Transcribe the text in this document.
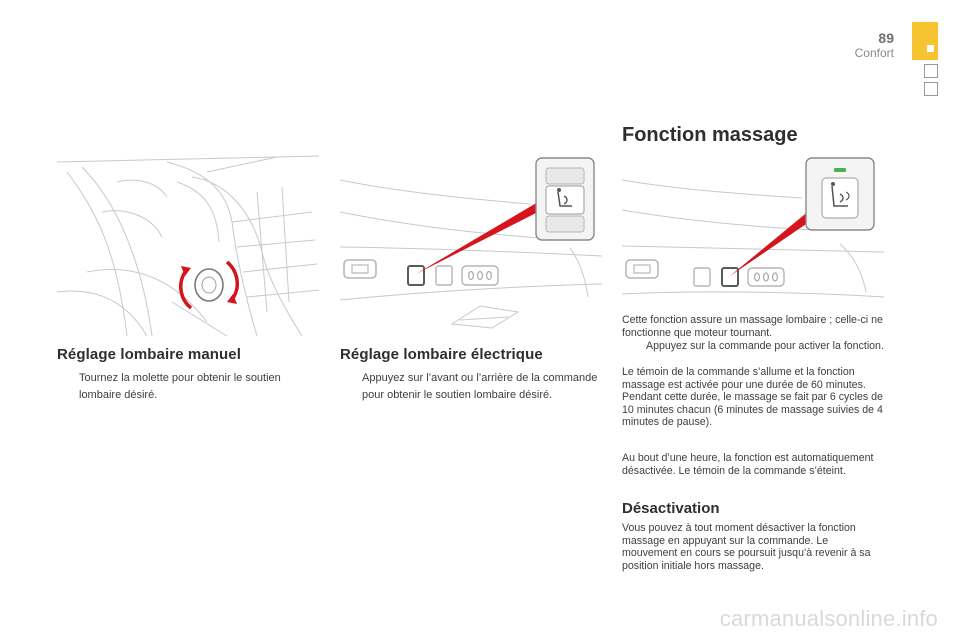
89
Confort
Réglage lombaire manuel
Tournez la molette pour obtenir le soutien lombaire désiré.
Réglage lombaire électrique
Appuyez sur l’avant ou l’arrière de la commande pour obtenir le soutien lombaire désiré.
Fonction massage

Cette fonction assure un massage lombaire ; celle-ci ne fonctionne que moteur tournant.

Appuyez sur la commande pour activer la fonction.

Le témoin de la commande s’allume et la fonction massage est activée pour une durée de 60 minutes. Pendant cette durée, le massage se fait par 6 cycles de 10 minutes chacun (6 minutes de massage suivies de 4 minutes de pause).

Au bout d’une heure, la fonction est automatiquement désactivée. Le témoin de la commande s’éteint.

Désactivation

Vous pouvez à tout moment désactiver la fonction massage en appuyant sur la commande. Le mouvement en cours se poursuit jusqu’à revenir à sa position initiale hors massage.

carmanualsonline.info
